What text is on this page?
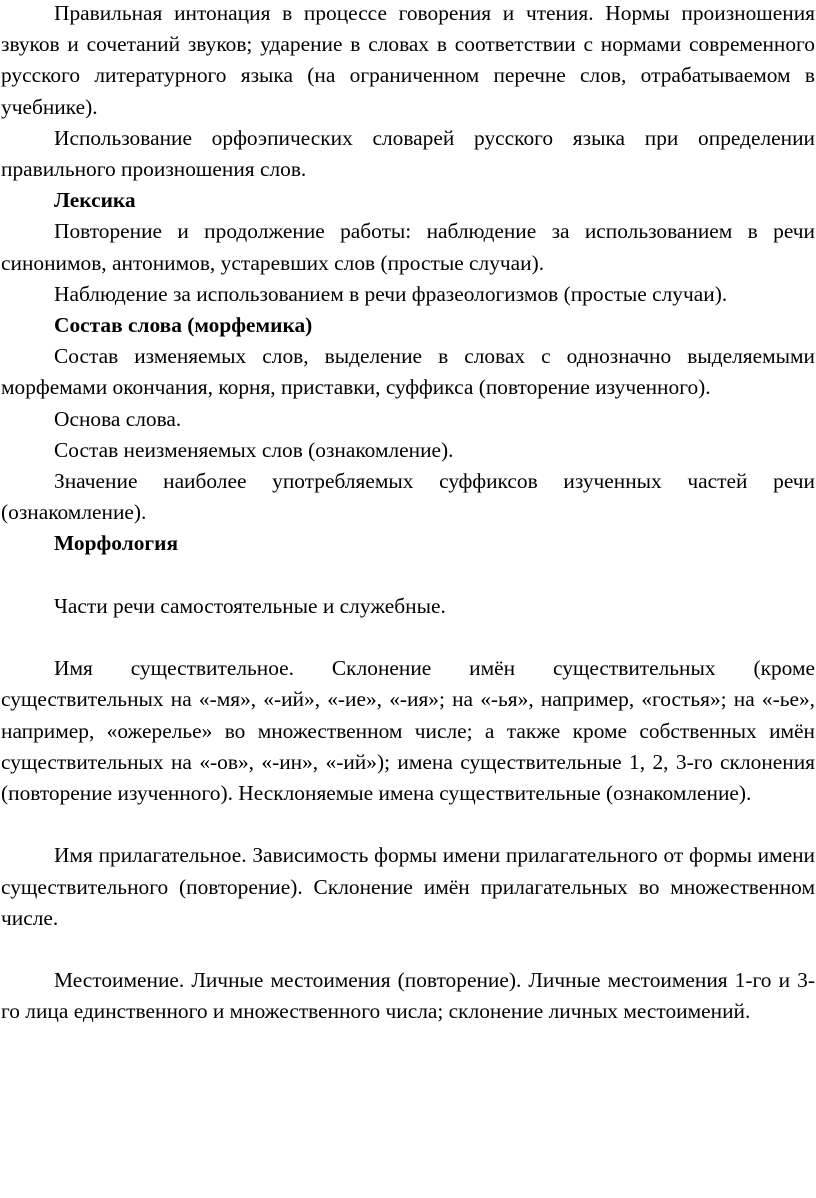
Правильная интонация в процессе говорения и чтения. Нормы произношения звуков и сочетаний звуков; ударение в словах в соответствии с нормами современного русского литературного языка (на ограниченном перечне слов, отрабатываемом в учебнике).

Использование орфоэпических словарей русского языка при определении правильного произношения слов.

Лексика

Повторение и продолжение работы: наблюдение за использованием в речи синонимов, антонимов, устаревших слов (простые случаи).

Наблюдение за использованием в речи фразеологизмов (простые случаи).

Состав слова (морфемика)

Состав изменяемых слов, выделение в словах с однозначно выделяемыми морфемами окончания, корня, приставки, суффикса (повторение изученного).

Основа слова.

Состав неизменяемых слов (ознакомление).

Значение наиболее употребляемых суффиксов изученных частей речи (ознакомление).

Морфология

Части речи самостоятельные и служебные.

Имя существительное. Склонение имён существительных (кроме существительных на «-мя», «-ий», «-ие», «-ия»; на «-ья», например, «гостья»; на «-ье», например, «ожерелье» во множественном числе; а также кроме собственных имён существительных на «-ов», «-ин», «-ий»); имена существительные 1, 2, 3-го склонения (повторение изученного). Несклоняемые имена существительные (ознакомление).

Имя прилагательное. Зависимость формы имени прилагательного от формы имени существительного (повторение). Склонение имён прилагательных во множественном числе.

Местоимение. Личные местоимения (повторение). Личные местоимения 1-го и 3-го лица единственного и множественного числа; склонение личных местоимений.
